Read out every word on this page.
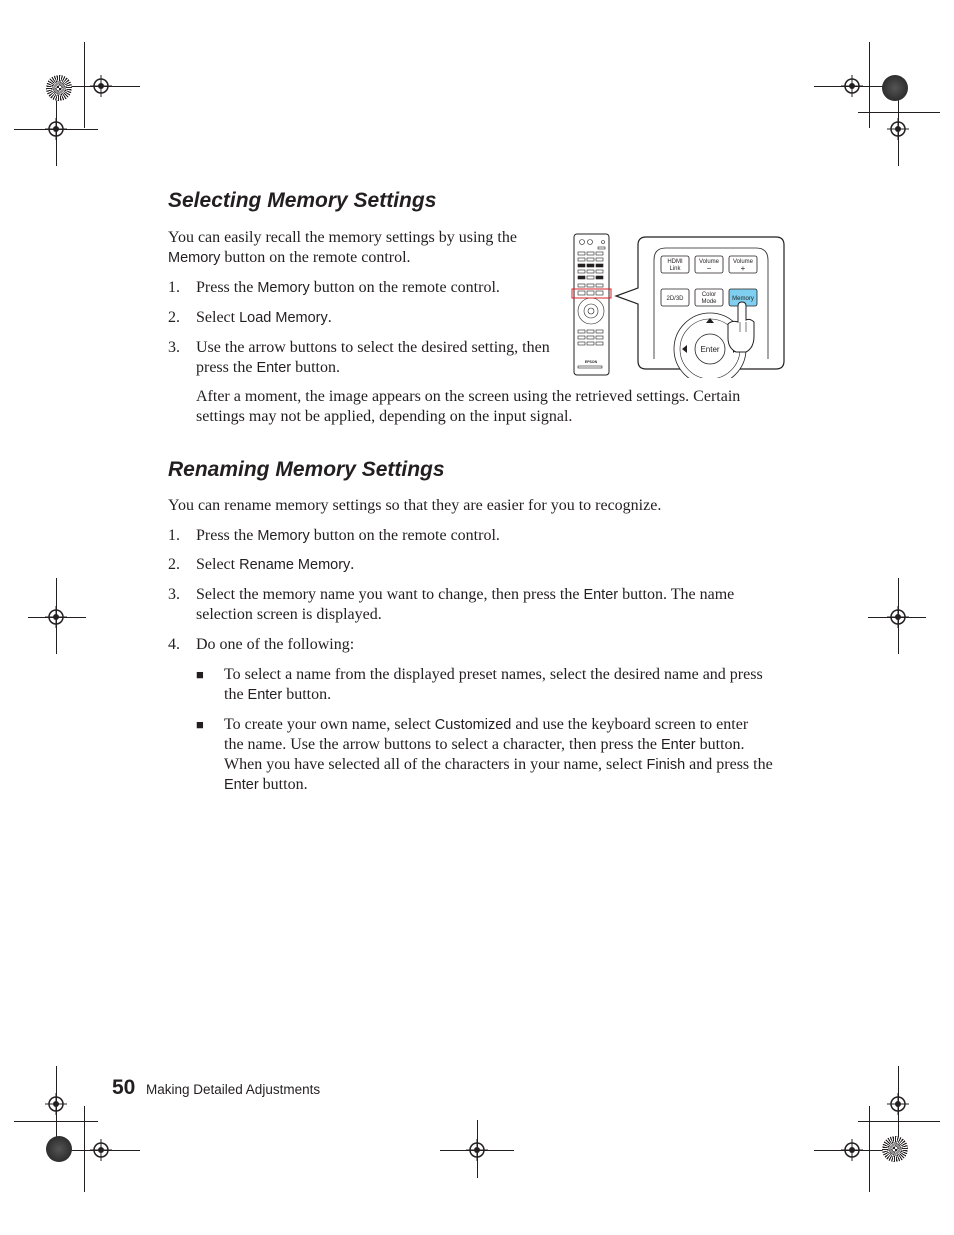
Selecting Memory Settings

You can easily recall the memory settings by using the
Memory button on the remote control.

1. Press the Memory button on the remote control.

2. Select Load Memory.

3. Use the arrow buttons to select the desired setting, then
press the Enter button.

After a moment, the image appears on the screen using the retrieved settings. Certain
settings may not be applied, depending on the input signal.

EPSON
HDMI
Link
Volume
−
Volume
+
2D/3D
Color
Mode	Memory
Enter
Renaming Memory Settings

You can rename memory settings so that they are easier for you to recognize.

1. Press the Memory button on the remote control.

2. Select Rename Memory.

3. Select the memory name you want to change, then press the Enter button. The name
selection screen is displayed.

4. Do one of the following:

■ To select a name from the displayed preset names, select the desired name and press
the Enter button.

■ To create your own name, select Customized and use the keyboard screen to enter
the name. Use the arrow buttons to select a character, then press the Enter button.
When you have selected all of the characters in your name, select Finish and press the
Enter button.

50 Making Detailed Adjustments
